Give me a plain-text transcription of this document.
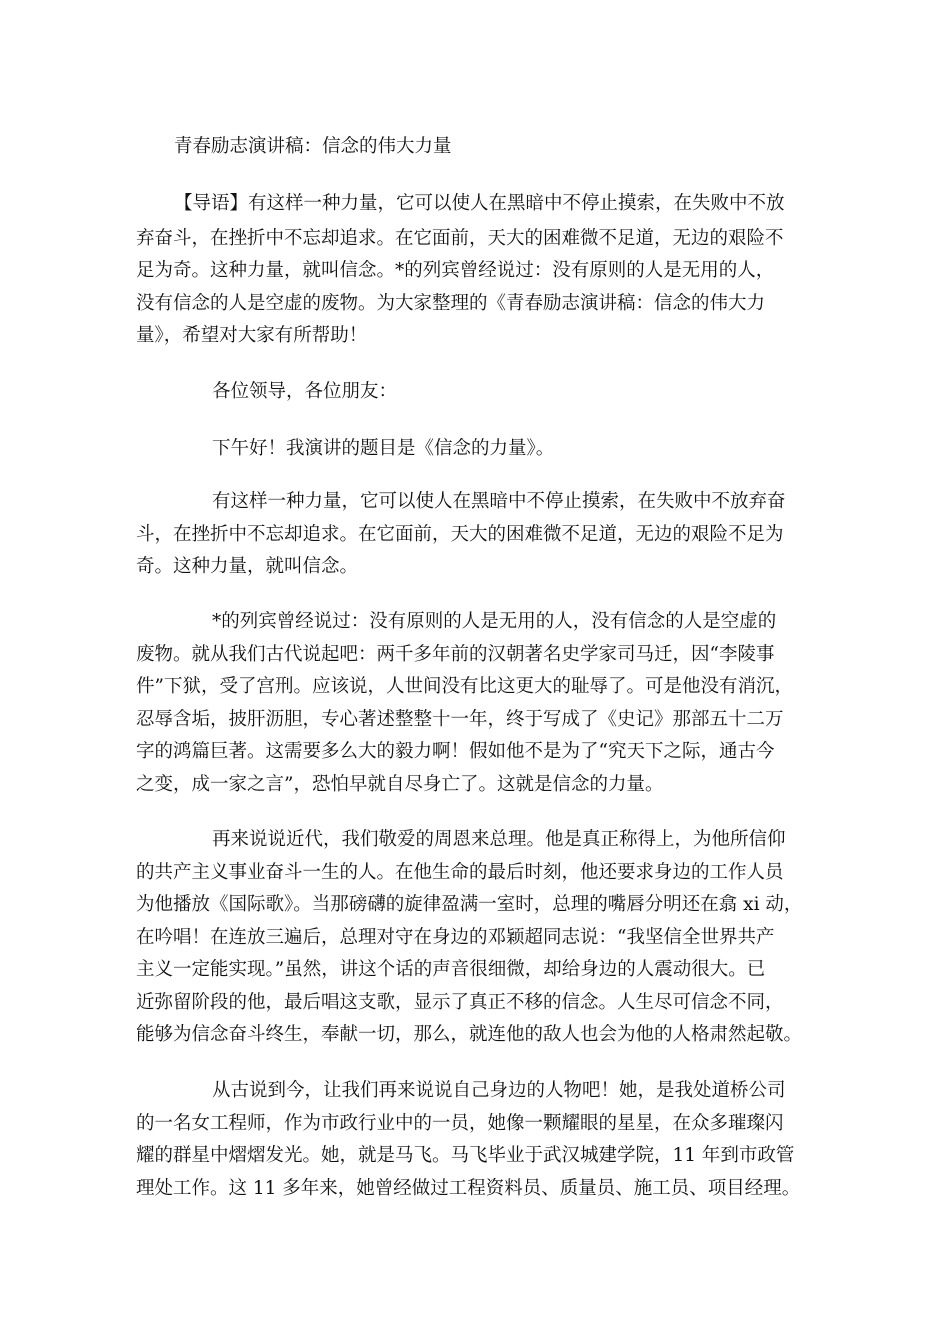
青春励志演讲稿：信念的伟大力量

【导语】有这样一种力量，它可以使人在黑暗中不停止摸索，在失败中不放

弃奋斗，在挫折中不忘却追求。在它面前，天大的困难微不足道，无边的艰险不

足为奇。这种力量，就叫信念。*的列宾曾经说过：没有原则的人是无用的人，

没有信念的人是空虚的废物。为大家整理的《青春励志演讲稿：信念的伟大力

量》，希望对大家有所帮助！

各位领导，各位朋友：

下午好！我演讲的题目是《信念的力量》。

有这样一种力量，它可以使人在黑暗中不停止摸索，在失败中不放弃奋

斗，在挫折中不忘却追求。在它面前，天大的困难微不足道，无边的艰险不足为

奇。这种力量，就叫信念。

*的列宾曾经说过：没有原则的人是无用的人，没有信念的人是空虚的

废物。就从我们古代说起吧：两千多年前的汉朝著名史学家司马迁，因“李陵事

件”下狱，受了宫刑。应该说，人世间没有比这更大的耻辱了。可是他没有消沉，

忍辱含垢，披肝沥胆，专心著述整整十一年，终于写成了《史记》那部五十二万

字的鸿篇巨著。这需要多么大的毅力啊！假如他不是为了“究天下之际，通古今

之变，成一家之言”，恐怕早就自尽身亡了。这就是信念的力量。

再来说说近代，我们敬爱的周恩来总理。他是真正称得上，为他所信仰

的共产主义事业奋斗一生的人。在他生命的最后时刻，他还要求身边的工作人员

为他播放《国际歌》。当那磅礴的旋律盈满一室时，总理的嘴唇分明还在翕 xi 动，

在吟唱！在连放三遍后，总理对守在身边的邓颖超同志说：“我坚信全世界共产

主义一定能实现。”虽然，讲这个话的声音很细微，却给身边的人震动很大。已

近弥留阶段的他，最后唱这支歌，显示了真正不移的信念。人生尽可信念不同，

能够为信念奋斗终生，奉献一切，那么，就连他的敌人也会为他的人格肃然起敬。

从古说到今，让我们再来说说自己身边的人物吧！她，是我处道桥公司

的一名女工程师，作为市政行业中的一员，她像一颗耀眼的星星，在众多璀璨闪

耀的群星中熠熠发光。她，就是马飞。马飞毕业于武汉城建学院，11 年到市政管

理处工作。这 11 多年来，她曾经做过工程资料员、质量员、施工员、项目经理。
